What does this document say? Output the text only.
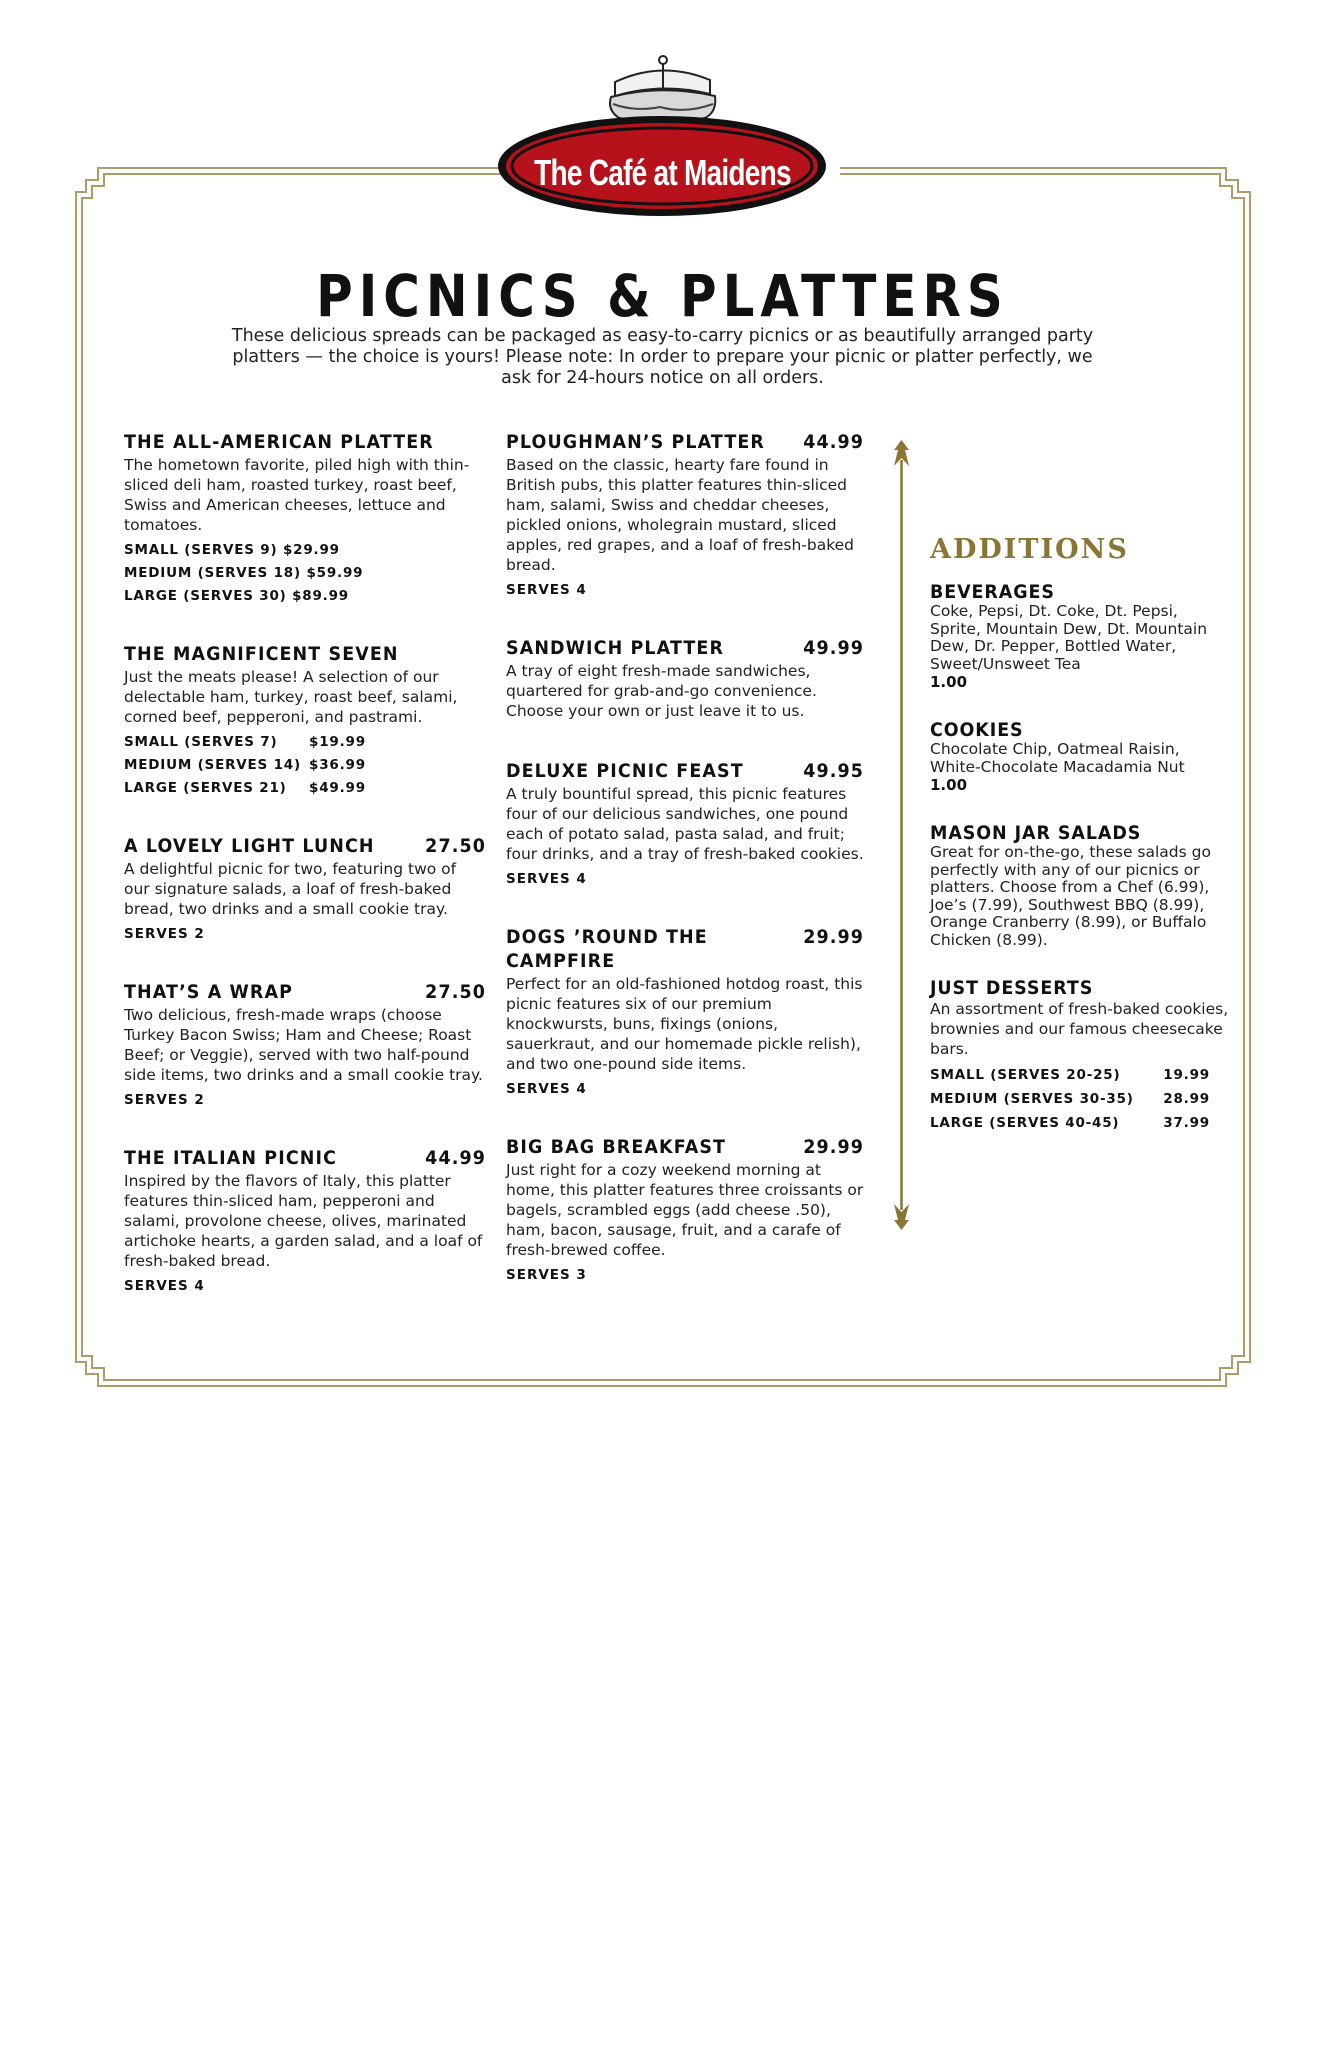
The Café at Maidens
PICNICS & PLATTERS
These delicious spreads can be packaged as easy-to-carry picnics or as beautifully arranged party platters — the choice is yours! Please note: In order to prepare your picnic or platter perfectly, we ask for 24-hours notice on all orders.
THE ALL-AMERICAN PLATTER
The hometown favorite, piled high with thin-sliced deli ham, roasted turkey, roast beef, Swiss and American cheeses, lettuce and tomatoes.
SMALL (SERVES 9) $29.99
MEDIUM (SERVES 18) $59.99
LARGE (SERVES 30) $89.99
THE MAGNIFICENT SEVEN
Just the meats please! A selection of our delectable ham, turkey, roast beef, salami, corned beef, pepperoni, and pastrami.
SMALL (SERVES 7)	$19.99
MEDIUM (SERVES 14) $36.99
LARGE (SERVES 21)	$49.99
A LOVELY LIGHT LUNCH	27.50
A delightful picnic for two, featuring two of our signature salads, a loaf of fresh-baked bread, two drinks and a small cookie tray.
SERVES 2
THAT’S A WRAP	27.50
Two delicious, fresh-made wraps (choose Turkey Bacon Swiss; Ham and Cheese; Roast Beef; or Veggie), served with two half-pound side items, two drinks and a small cookie tray.
SERVES 2
THE ITALIAN PICNIC	44.99
Inspired by the flavors of Italy, this platter features thin-sliced ham, pepperoni and salami, provolone cheese, olives, marinated artichoke hearts, a garden salad, and a loaf of fresh-baked bread.
SERVES 4
PLOUGHMAN’S PLATTER 44.99
Based on the classic, hearty fare found in British pubs, this platter features thin-sliced ham, salami, Swiss and cheddar cheeses, pickled onions, wholegrain mustard, sliced apples, red grapes, and a loaf of fresh-baked bread.
SERVES 4
SANDWICH PLATTER	49.99
A tray of eight fresh-made sandwiches, quartered for grab-and-go convenience. Choose your own or just leave it to us.
DELUXE PICNIC FEAST	49.95
A truly bountiful spread, this picnic features four of our delicious sandwiches, one pound each of potato salad, pasta salad, and fruit; four drinks, and a tray of fresh-baked cookies.
SERVES 4
DOGS ’ROUND THE CAMPFIRE
29.99
Perfect for an old-fashioned hotdog roast, this picnic features six of our premium knockwursts, buns, fixings (onions, sauerkraut, and our homemade pickle relish), and two one-pound side items.
SERVES 4
BIG BAG BREAKFAST	29.99
Just right for a cozy weekend morning at home, this platter features three croissants or bagels, scrambled eggs (add cheese .50), ham, bacon, sausage, fruit, and a carafe of fresh-brewed coffee.
SERVES 3
ADDITIONS
BEVERAGES
Coke, Pepsi, Dt. Coke, Dt. Pepsi, Sprite, Mountain Dew, Dt. Mountain Dew, Dr. Pepper, Bottled Water, Sweet/Unsweet Tea
1.00
COOKIES
Chocolate Chip, Oatmeal Raisin, White-Chocolate Macadamia Nut
1.00
MASON JAR SALADS
Great for on-the-go, these salads go perfectly with any of our picnics or platters. Choose from a Chef (6.99), Joe’s (7.99), Southwest BBQ (8.99), Orange Cranberry (8.99), or Buffalo Chicken (8.99).
JUST DESSERTS
An assortment of fresh-baked cookies, brownies and our famous cheesecake bars.
SMALL (SERVES 20-25)	19.99
MEDIUM (SERVES 30-35) 28.99
LARGE (SERVES 40-45)	37.99
